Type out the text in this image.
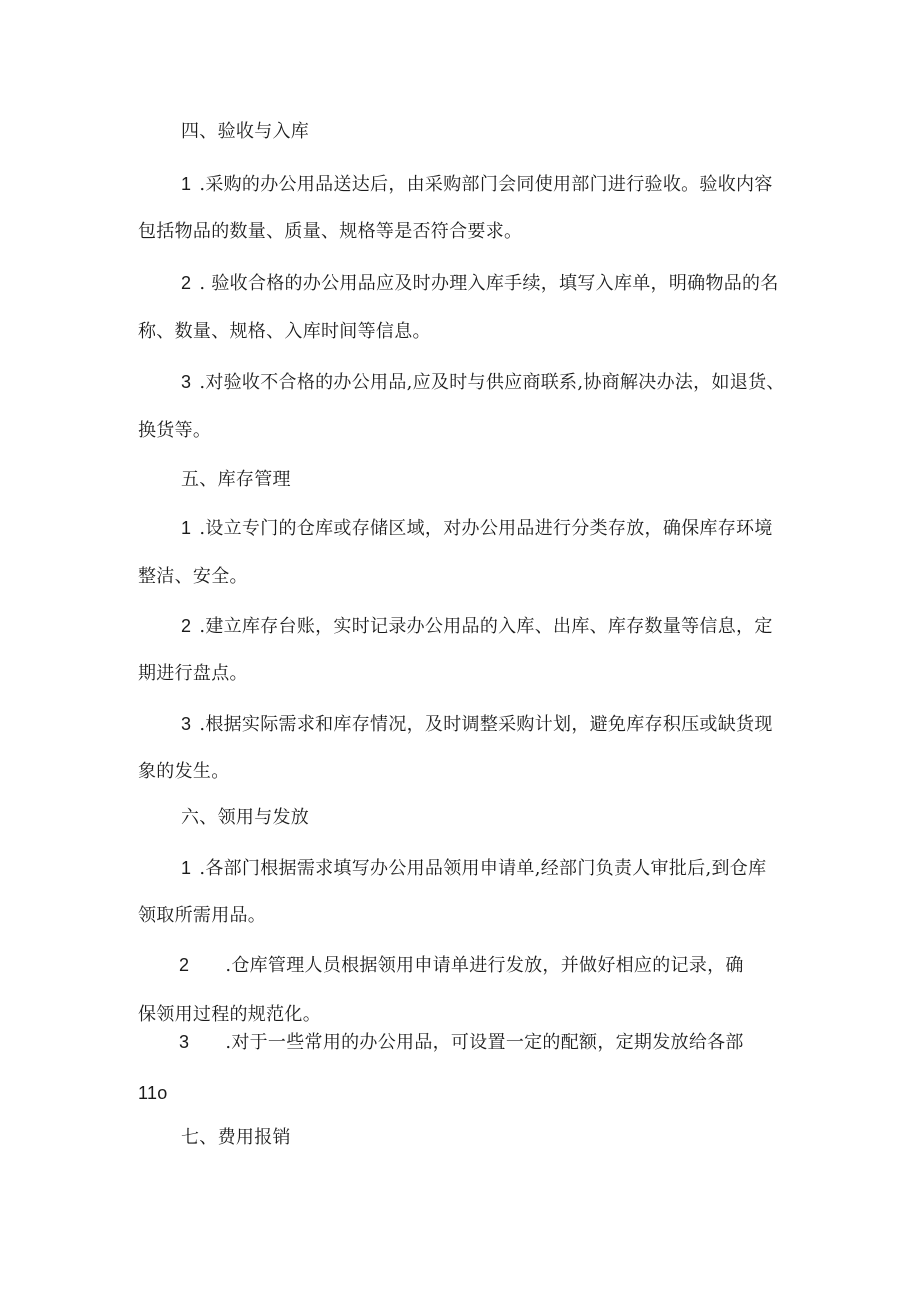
四、验收与入库
1 .采购的办公用品送达后，由采购部门会同使用部门进行验收。验收内容
包括物品的数量、质量、规格等是否符合要求。
2 . 验收合格的办公用品应及时办理入库手续，填写入库单，明确物品的名
称、数量、规格、入库时间等信息。
3 .对验收不合格的办公用品,应及时与供应商联系,协商解决办法，如退货、
换货等。
五、库存管理
1 .设立专门的仓库或存储区域，对办公用品进行分类存放，确保库存环境
整洁、安全。
2 .建立库存台账，实时记录办公用品的入库、出库、库存数量等信息，定
期进行盘点。
3 .根据实际需求和库存情况，及时调整采购计划，避免库存积压或缺货现
象的发生。
六、领用与发放
1 .各部门根据需求填写办公用品领用申请单,经部门负责人审批后,到仓库
领取所需用品。
2 .仓库管理人员根据领用申请单进行发放，并做好相应的记录，确
保领用过程的规范化。
3 .对于一些常用的办公用品，可设置一定的配额，定期发放给各部
11o
七、费用报销
